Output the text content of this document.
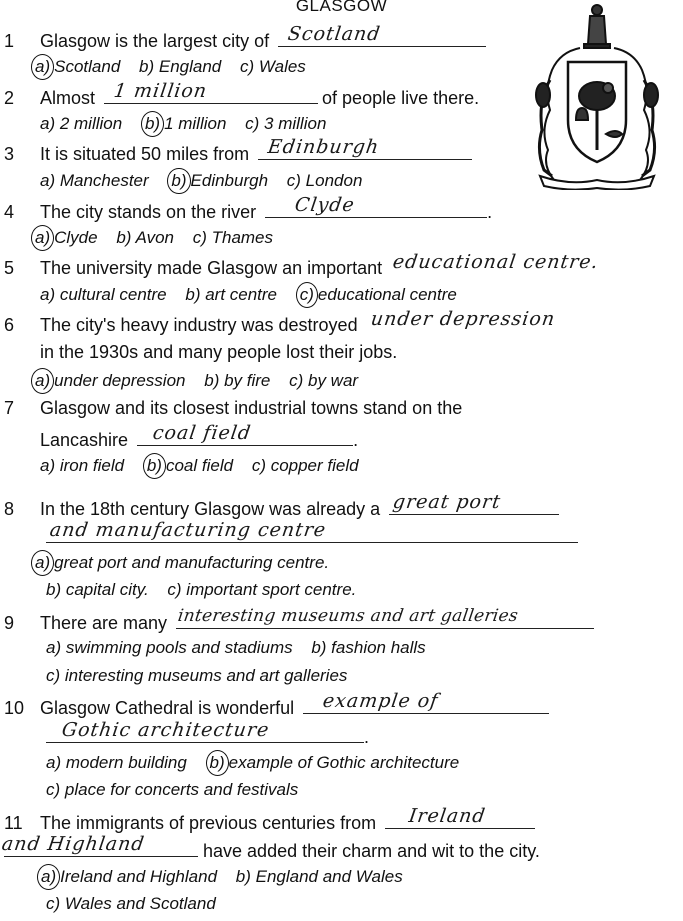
GLASGOW
1 Glasgow is the largest city of Scotland
a) Scotland b) England c) Wales
2 Almost 1 million	of people live there.
a) 2 million b) 1 million c) 3 million
3 It is situated 50 miles from Edinburgh
a) Manchester b) Edinburgh c) London
4 The city stands on the river Clyde	.
a) Clyde b) Avon c) Thames
5 The university made Glasgow an important educational centre.
a) cultural centre b) art centre c) educational centre
6 The city's heavy industry was destroyed under depression
in the 1930s and many people lost their jobs.
a) under depression b) by fire c) by war
7 Glasgow and its closest industrial towns stand on the
Lancashire coal field	.
a) iron field b) coal field c) copper field
8 In the 18th century Glasgow was already a great port
and manufacturing centre
a) great port and manufacturing centre.
b) capital city. c) important sport centre.
9 There are many interesting museums and art galleries
a) swimming pools and stadiums b) fashion halls
c) interesting museums and art galleries
10 Glasgow Cathedral is wonderful example of
Gothic architecture	.
a) modern building b) example of Gothic architecture
c) place for concerts and festivals
11 The immigrants of previous centuries from Ireland
and Highland	have added their charm and wit to the city.
a) Ireland and Highland b) England and Wales
c) Wales and Scotland
